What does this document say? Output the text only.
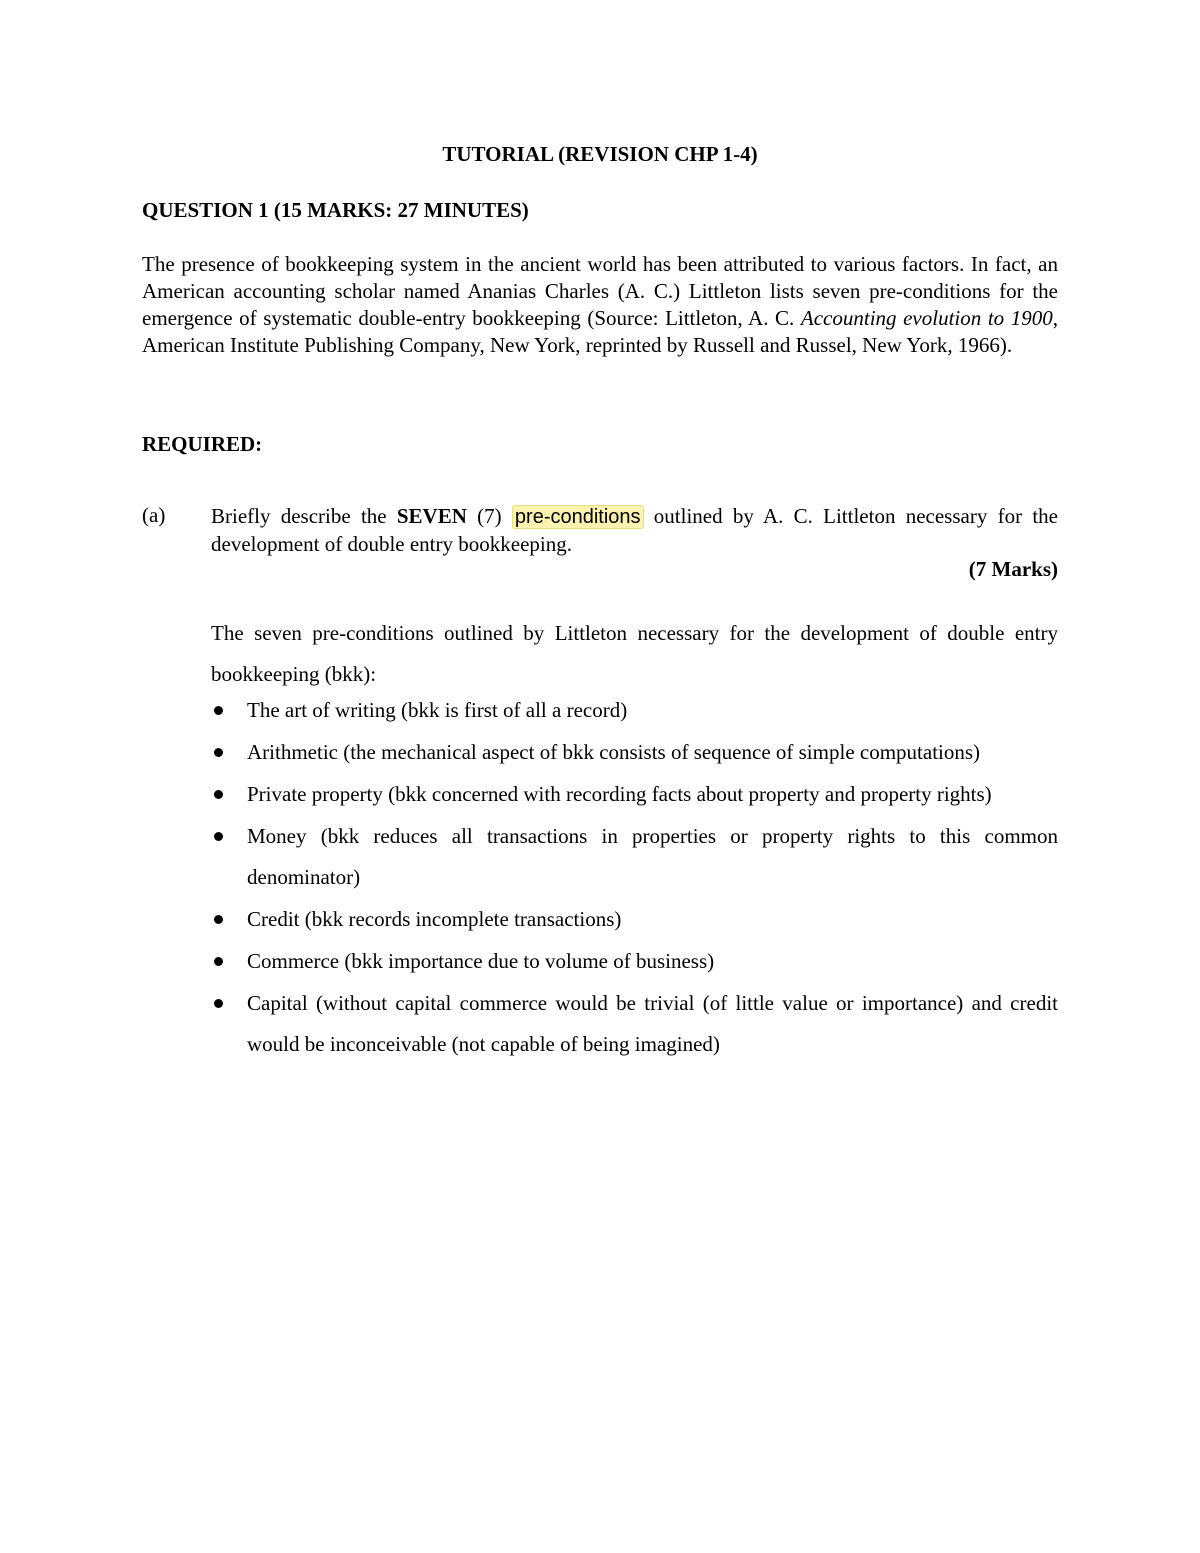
TUTORIAL (REVISION CHP 1-4)
QUESTION 1 (15 MARKS: 27 MINUTES)
The presence of bookkeeping system in the ancient world has been attributed to various factors. In fact, an American accounting scholar named Ananias Charles (A. C.) Littleton lists seven pre-conditions for the emergence of systematic double-entry bookkeeping (Source: Littleton, A. C. Accounting evolution to 1900, American Institute Publishing Company, New York, reprinted by Russell and Russel, New York, 1966).
REQUIRED:
(a) Briefly describe the SEVEN (7) pre-conditions outlined by A. C. Littleton necessary for the development of double entry bookkeeping.
(7 Marks)
The seven pre-conditions outlined by Littleton necessary for the development of double entry bookkeeping (bkk):
The art of writing (bkk is first of all a record)
Arithmetic (the mechanical aspect of bkk consists of sequence of simple computations)
Private property (bkk concerned with recording facts about property and property rights)
Money (bkk reduces all transactions in properties or property rights to this common denominator)
Credit (bkk records incomplete transactions)
Commerce (bkk importance due to volume of business)
Capital (without capital commerce would be trivial (of little value or importance) and credit would be inconceivable (not capable of being imagined)
